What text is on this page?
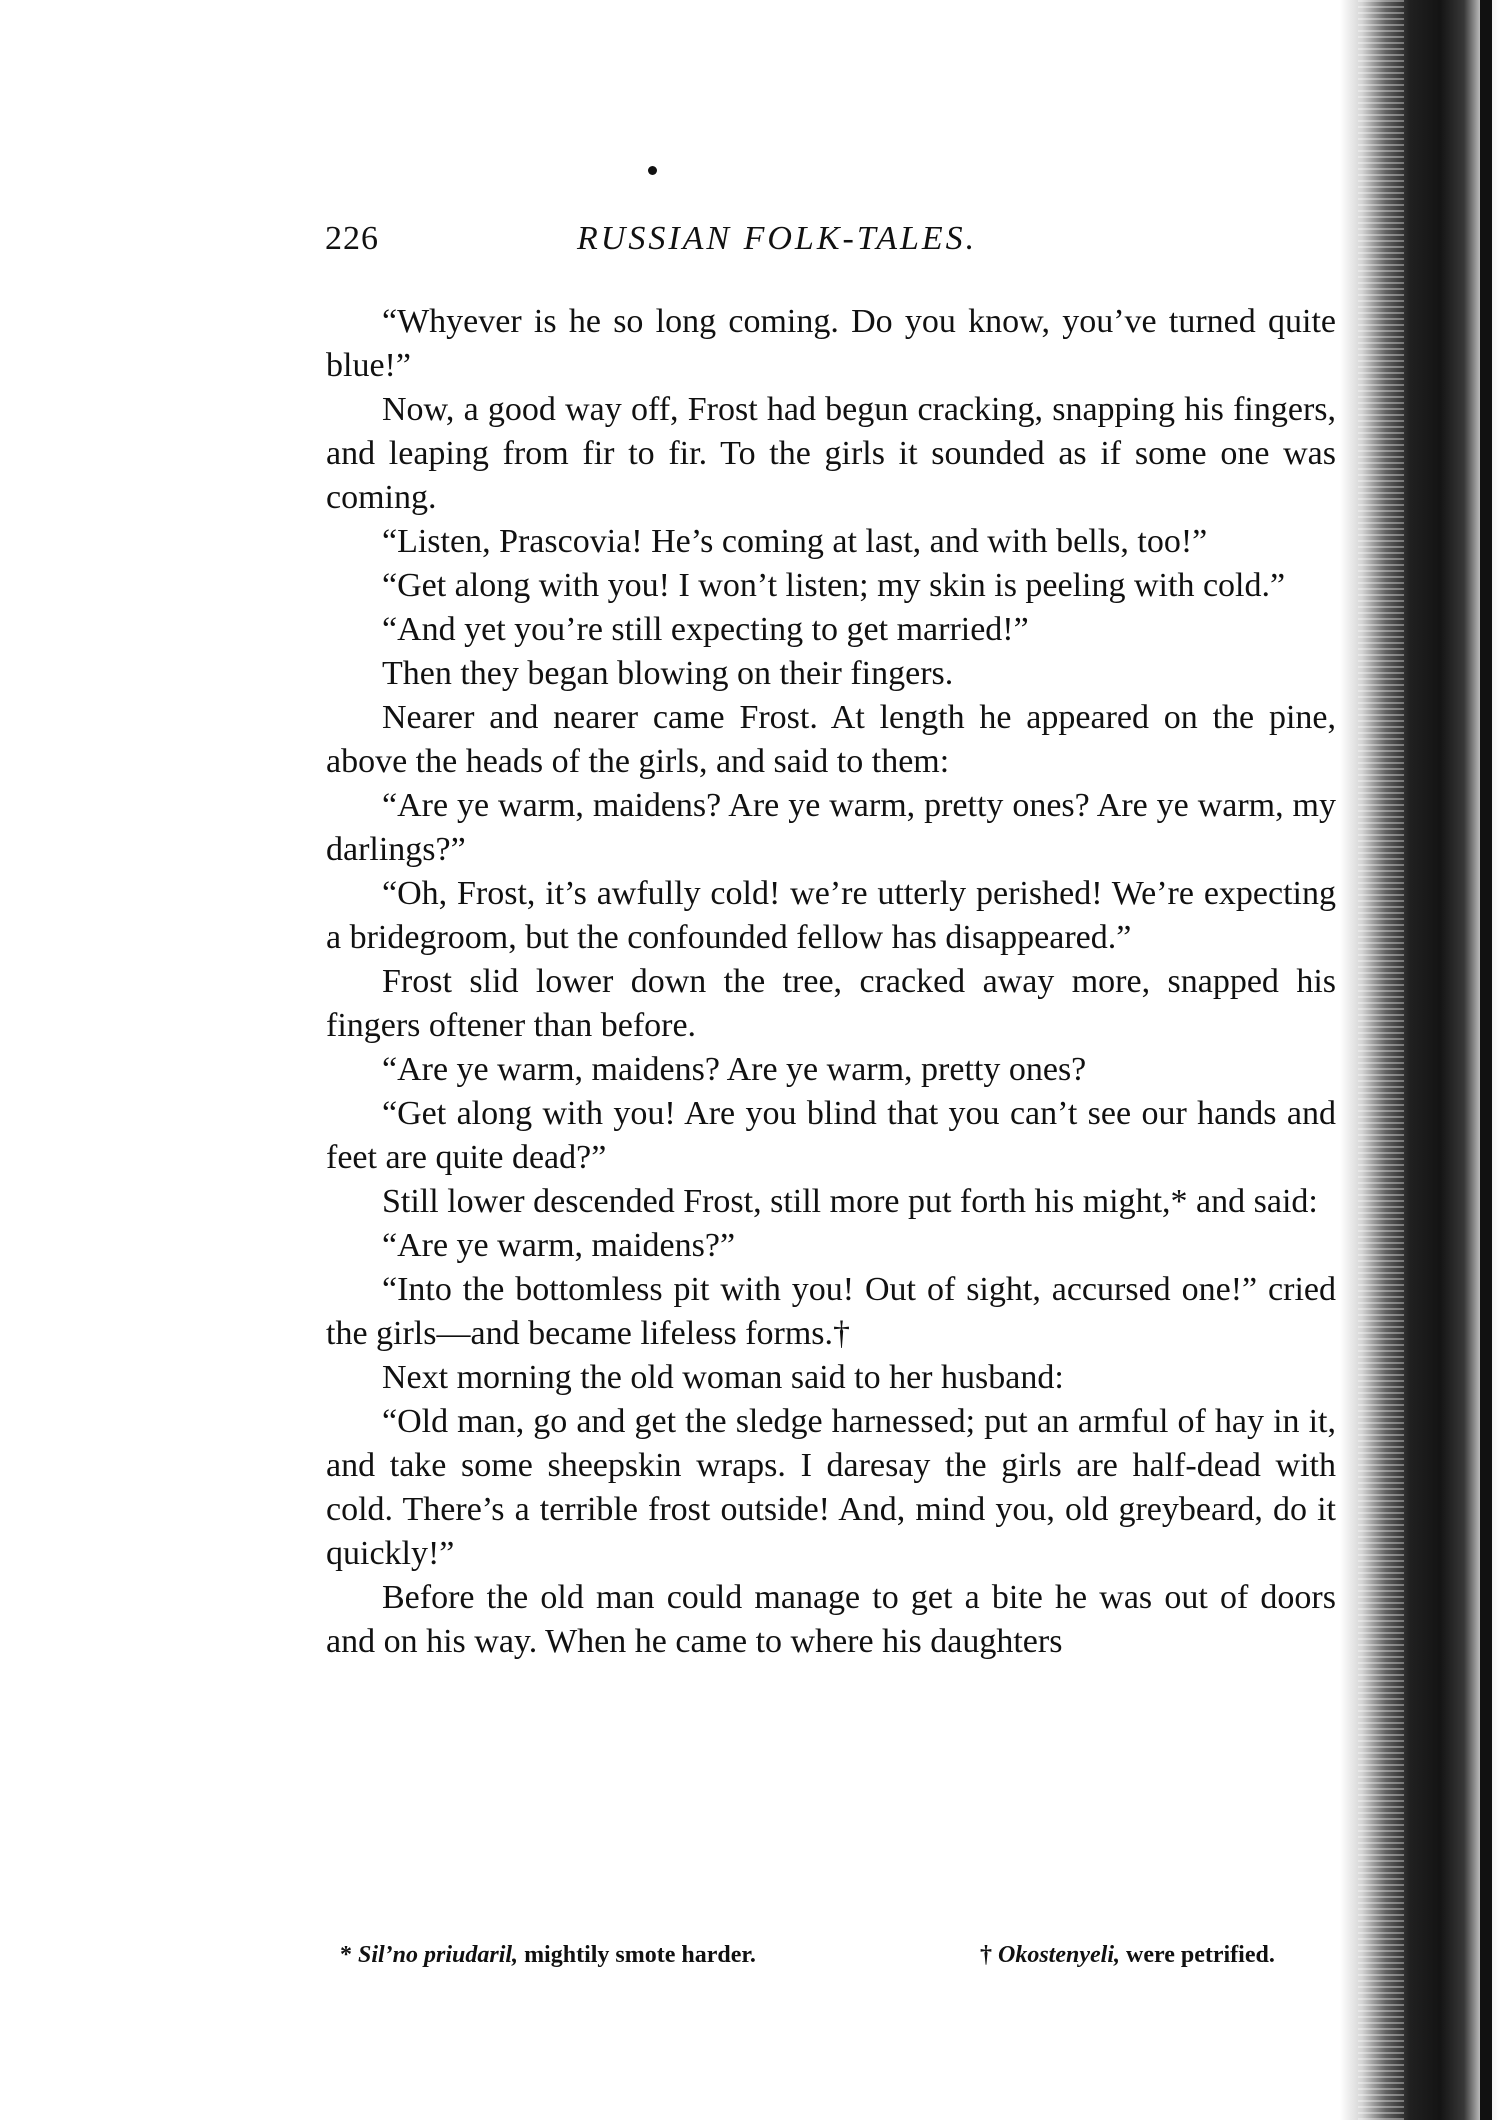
226	RUSSIAN FOLK-TALES.

“Whyever is he so long coming. Do you know, you’ve turned quite blue!”

Now, a good way off, Frost had begun cracking, snapping his fingers, and leaping from fir to fir. To the girls it sounded as if some one was coming.

“Listen, Prascovia! He’s coming at last, and with bells, too!”

“Get along with you! I won’t listen; my skin is peeling with cold.”

“And yet you’re still expecting to get married!”

Then they began blowing on their fingers.

Nearer and nearer came Frost. At length he appeared on the pine, above the heads of the girls, and said to them:

“Are ye warm, maidens? Are ye warm, pretty ones? Are ye warm, my darlings?”

“Oh, Frost, it’s awfully cold! we’re utterly perished! We’re expecting a bridegroom, but the confounded fellow has disappeared.”

Frost slid lower down the tree, cracked away more, snapped his fingers oftener than before.

“Are ye warm, maidens? Are ye warm, pretty ones?

“Get along with you! Are you blind that you can’t see our hands and feet are quite dead?”

Still lower descended Frost, still more put forth his might,* and said:

“Are ye warm, maidens?”

“Into the bottomless pit with you! Out of sight, accursed one!” cried the girls—and became lifeless forms.†

Next morning the old woman said to her husband:

“Old man, go and get the sledge harnessed; put an armful of hay in it, and take some sheepskin wraps. I daresay the girls are half-dead with cold. There’s a terrible frost outside! And, mind you, old greybeard, do it quickly!”

Before the old man could manage to get a bite he was out of doors and on his way. When he came to where his daughters

* Sil’no priudaril, mightily smote harder.	† Okostenyeli, were petrified.
